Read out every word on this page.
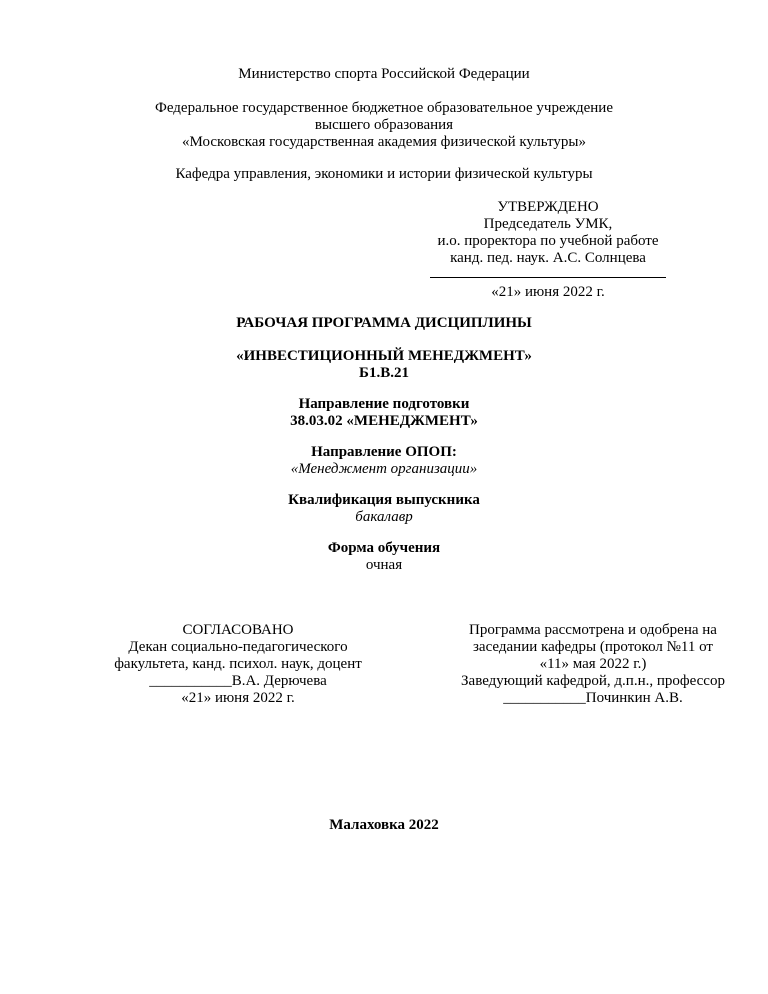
Министерство спорта Российской Федерации
Федеральное государственное бюджетное образовательное учреждение
высшего образования
«Московская государственная академия физической культуры»
Кафедра управления, экономики и истории физической культуры
УТВЕРЖДЕНО
Председатель УМК,
и.о. проректора по учебной работе
канд. пед. наук. А.С. Солнцева
«21» июня 2022 г.
РАБОЧАЯ ПРОГРАММА ДИСЦИПЛИНЫ
«ИНВЕСТИЦИОННЫЙ МЕНЕДЖМЕНТ»
Б1.В.21
Направление подготовки
38.03.02 «МЕНЕДЖМЕНТ»
Направление ОПОП:
«Менеджмент организации»
Квалификация выпускника
бакалавр
Форма обучения
очная
СОГЛАСОВАНО
Декан социально-педагогического
факультета, канд. психол. наук, доцент
___________В.А. Дерючева
«21» июня 2022 г.
Программа рассмотрена и одобрена на
заседании кафедры (протокол №11 от
«11» мая 2022 г.)
Заведующий кафедрой, д.п.н., профессор
___________Починкин А.В.
Малаховка 2022
